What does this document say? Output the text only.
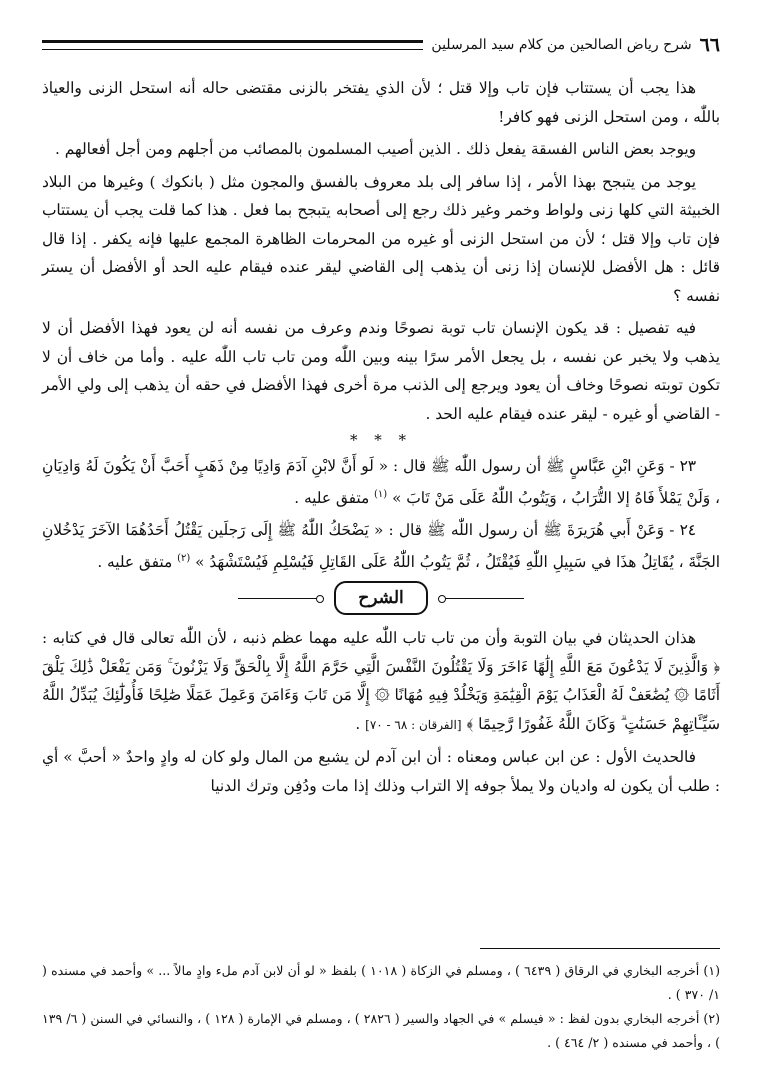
٦٦
شرح رياض الصالحين من كلام سيد المرسلين

هذا يجب أن يستتاب فإن تاب وإلا قتل ؛ لأن الذي يفتخر بالزنى مقتضى حاله أنه استحل الزنى والعياذ باللّٰه ، ومن استحل الزنى فهو كافر!

ويوجد بعض الناس الفسقة يفعل ذلك . الذين أصيب المسلمون بالمصائب من أجلهم ومن أجل أفعالهم .

يوجد من يتبجح بهذا الأمر ، إذا سافر إلى بلد معروف بالفسق والمجون مثل ( بانكوك ) وغيرها من البلاد الخبيثة التي كلها زنى ولواط وخمر وغير ذلك رجع إلى أصحابه يتبجح بما فعل . هذا كما قلت يجب أن يستتاب فإن تاب وإلا قتل ؛ لأن من استحل الزنى أو غيره من المحرمات الظاهرة المجمع عليها فإنه يكفر . إذا قال قائل : هل الأفضل للإنسان إذا زنى أن يذهب إلى القاضي ليقر عنده فيقام عليه الحد أو الأفضل أن يستر نفسه ؟

فيه تفصيل : قد يكون الإنسان تاب توبة نصوحًا وندم وعرف من نفسه أنه لن يعود فهذا الأفضل أن لا يذهب ولا يخبر عن نفسه ، بل يجعل الأمر سرًا بينه وبين اللّٰه ومن تاب تاب اللّٰه عليه . وأما من خاف أن لا تكون توبته نصوحًا وخاف أن يعود ويرجع إلى الذنب مرة أخرى فهذا الأفضل في حقه أن يذهب إلى ولي الأمر - القاضي أو غيره - ليقر عنده فيقام عليه الحد .

* * *

٢٣ - وَعَنِ ابْنِ عَبَّاسٍ ﷺ أن رسول اللّٰه ﷺ قال : « لَو أَنَّ لابْنِ آدَمَ وَادِيًا مِنْ ذَهَبٍ أَحَبَّ أَنْ يَكُونَ لَهُ وَادِيَانِ ، وَلَنْ يَمْلأَ فَاهُ إلا التُّرَابُ ، وَيَتُوبُ اللّٰهُ عَلَى مَنْ تَابَ » $^{(١)}$ متفق عليه .

٢٤ - وَعَنْ أَبي هُرَيرَةَ ﷺ أن رسول اللّٰه ﷺ قال : « يَضْحَكُ اللّٰهُ ﷺ إِلَى رَجلَين يَقْتُلُ أَحَدُهُمَا الآخَرَ يَدْخُلانِ الجَنَّةَ ، يُقَاتِلُ هذَا في سَبِيلِ اللّٰهِ فَيُقْتَلُ ، ثُمَّ يَتُوبُ اللّٰهُ عَلَى القَاتِلِ فَيُسْلِمِ فَيُسْتَشْهَدُ » $^{(٢)}$ متفق عليه .

الشرح

هذان الحديثان في بيان التوبة وأن من تاب تاب اللّٰه عليه مهما عظم ذنبه ، لأن اللّٰه تعالى قال في كتابه : ﴿ وَالَّذِينَ لَا يَدْعُونَ مَعَ اللَّهِ إِلَٰهًا ءَاخَرَ وَلَا يَقْتُلُونَ النَّفْسَ الَّتِي حَرَّمَ اللَّهُ إِلَّا بِالْحَقِّ وَلَا يَزْنُونَ ۚ وَمَن يَفْعَلْ ذَٰلِكَ يَلْقَ أَثَامًا ۞ يُضَٰعَفْ لَهُ الْعَذَابُ يَوْمَ الْقِيَٰمَةِ وَيَخْلُدْ فِيهِ مُهَانًا ۞ إِلَّا مَن تَابَ وَءَامَنَ وَعَمِلَ عَمَلًا صَٰلِحًا فَأُولَٰٓئِكَ يُبَدِّلُ اللَّهُ سَيِّـَٔاتِهِمْ حَسَنَٰتٍ ۗ وَكَانَ اللَّهُ غَفُورًا رَّحِيمًا ﴾ [الفرقان : ٦٨ - ٧٠] .

فالحديث الأول : عن ابن عباس ومعناه : أن ابن آدم لن يشبع من المال ولو كان له وادٍ واحدٌ « أحبَّ » أي : طلب أن يكون له واديان ولا يملأ جوفه إلا التراب وذلك إذا مات ودُفِن وترك الدنيا

(١) أخرجه البخاري في الرقاق ( ٦٤٣٩ ) ، ومسلم في الزكاة ( ١٠١٨ ) بلفظ « لو أن لابن آدم ملء وادٍ مالاً ... » وأحمد في مسنده ( ١/ ٣٧٠ ) .
(٢) أخرجه البخاري بدون لفظ : « فيسلم » في الجهاد والسير ( ٢٨٢٦ ) ، ومسلم في الإمارة ( ١٢٨ ) ، والنسائي في السنن ( ٦/ ١٣٩ ) ، وأحمد في مسنده ( ٢/ ٤٦٤ ) .
